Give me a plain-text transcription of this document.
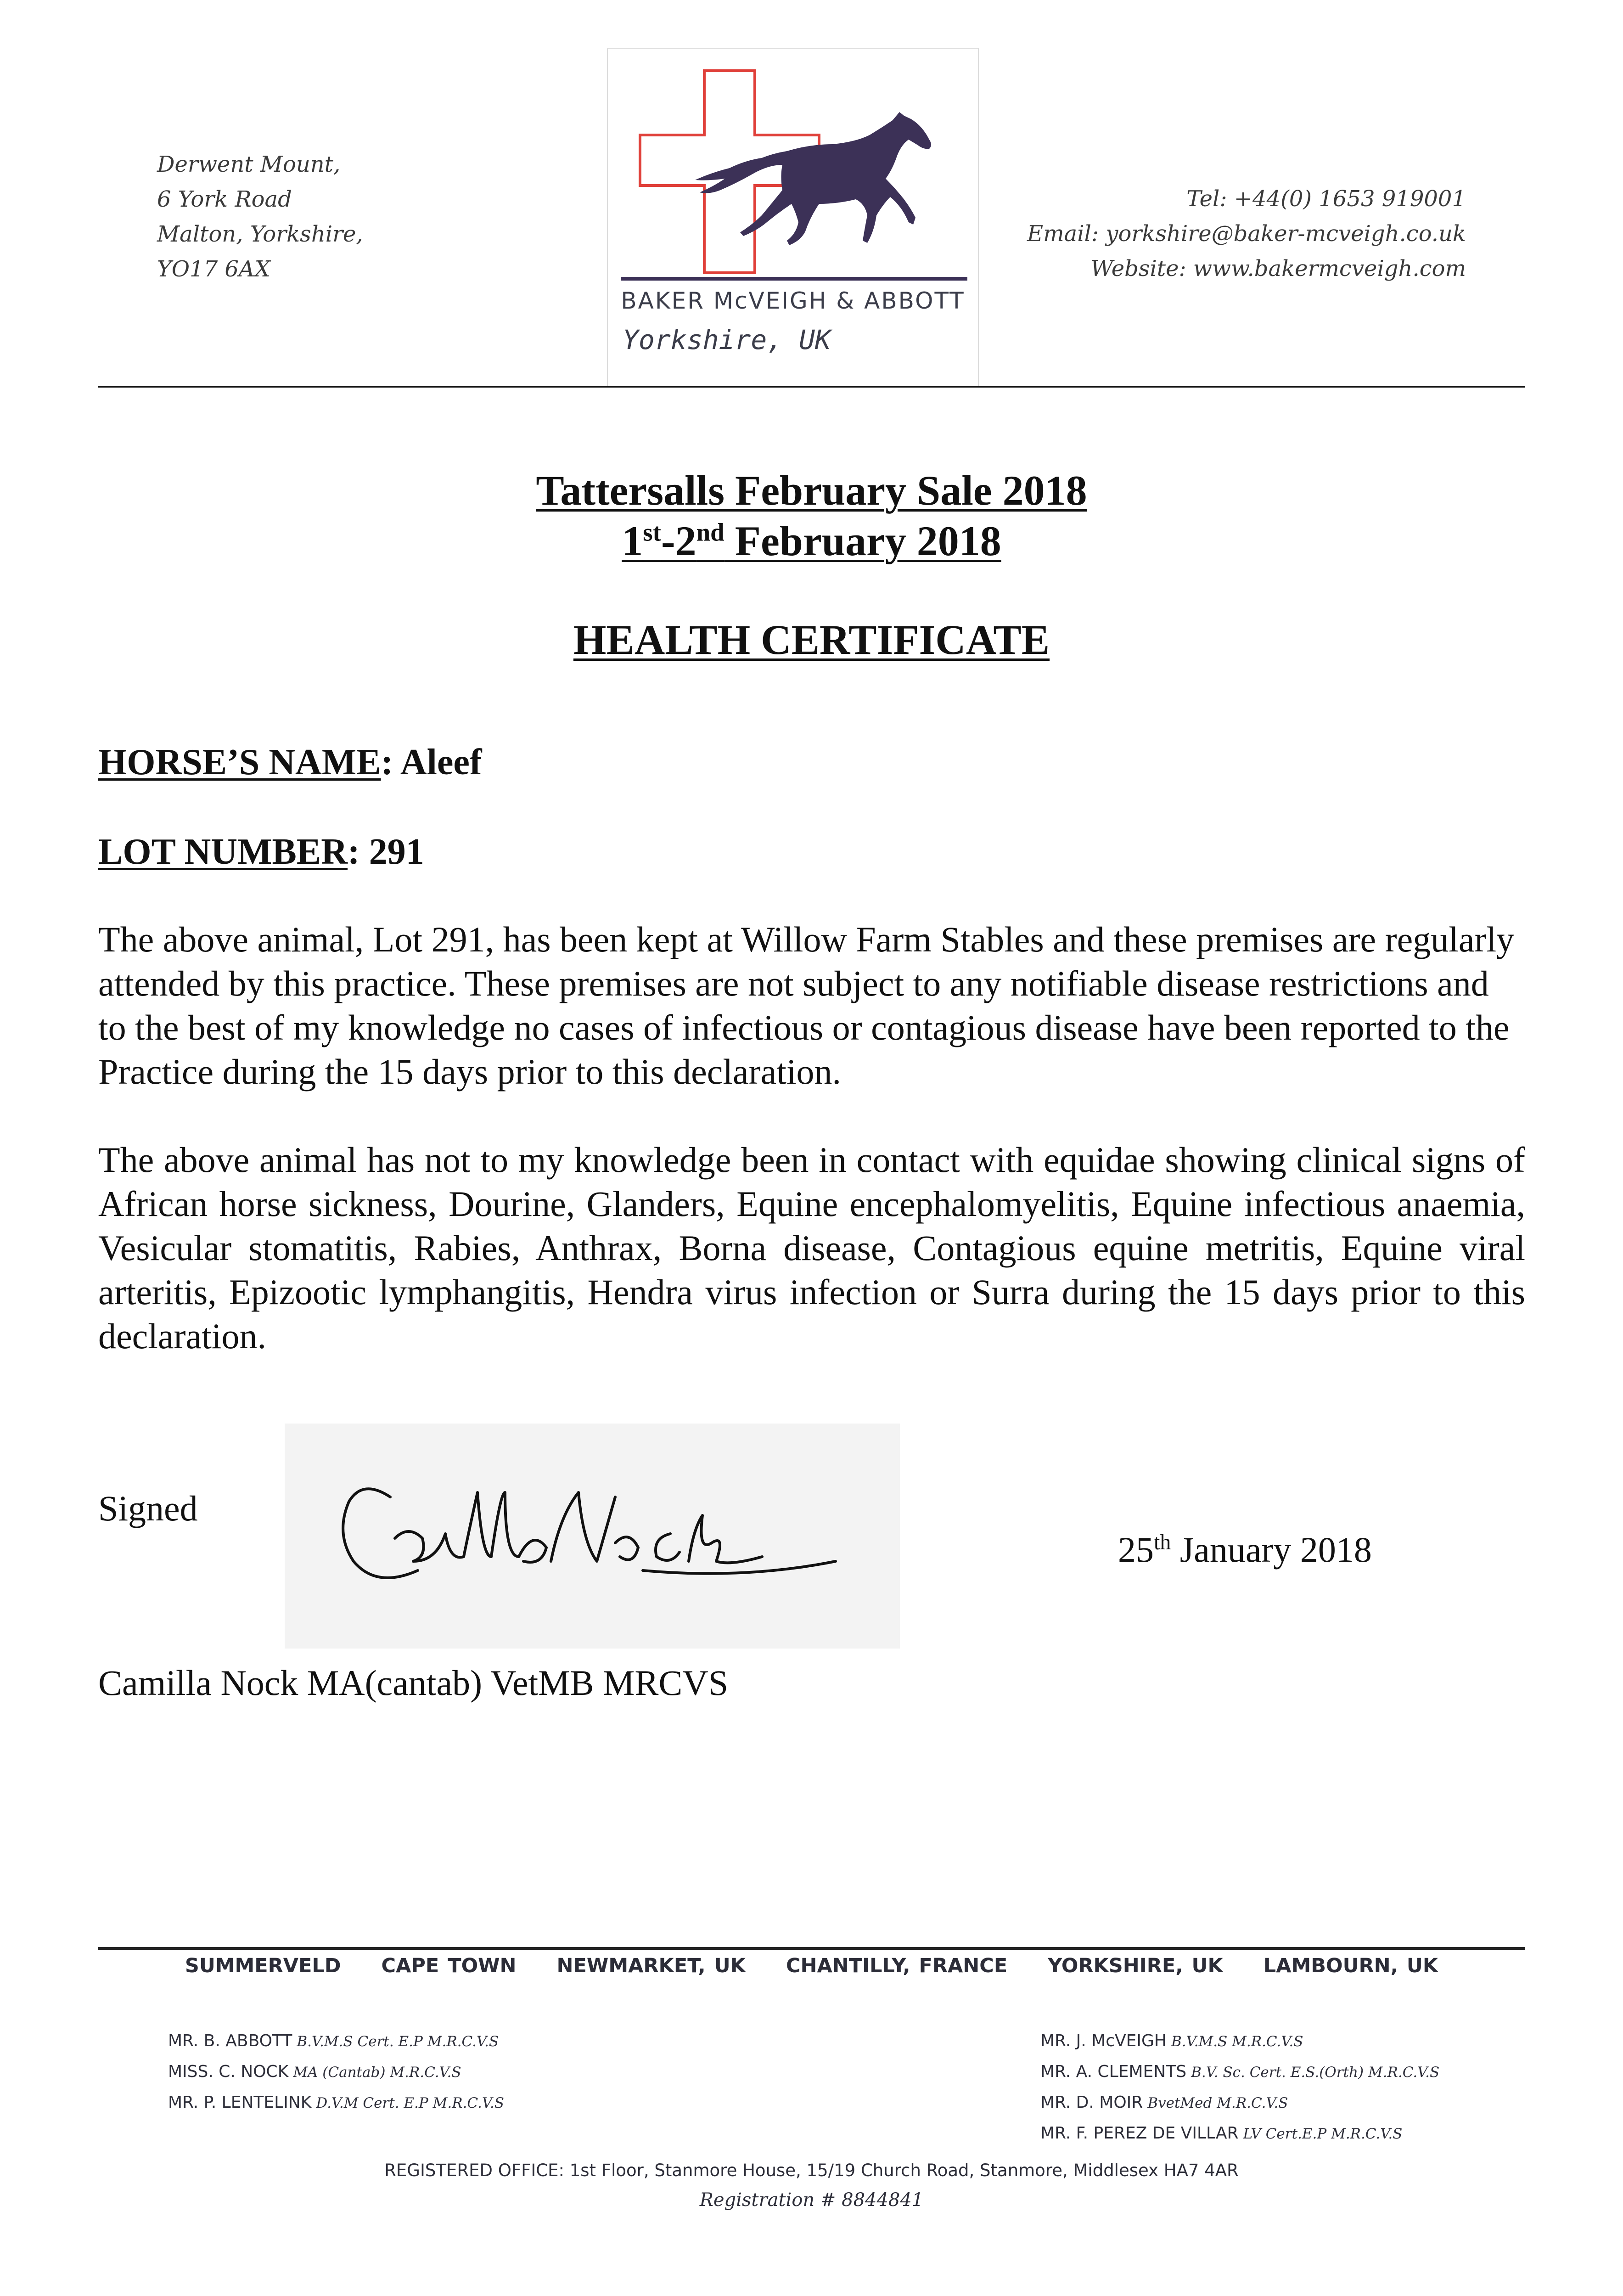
Derwent Mount,
6 York Road
Malton, Yorkshire,
YO17 6AX
BAKER McVEIGH & ABBOTT
Yorkshire, UK
Tel: +44(0) 1653 919001
Email: yorkshire@baker-mcveigh.co.uk
Website: www.bakermcveigh.com
Tattersalls February Sale 2018
1st-2nd February 2018
HEALTH CERTIFICATE
HORSE’S NAME: Aleef
LOT NUMBER: 291
The above animal, Lot 291, has been kept at Willow Farm Stables and these premises are regularly attended by this practice. These premises are not subject to any notifiable disease restrictions and to the best of my knowledge no cases of infectious or contagious disease have been reported to the Practice during the 15 days prior to this declaration.
The above animal has not to my knowledge been in contact with equidae showing clinical signs of African horse sickness, Dourine, Glanders, Equine encephalomyelitis, Equine infectious anaemia, Vesicular stomatitis, Rabies, Anthrax, Borna disease, Contagious equine metritis, Equine viral arteritis, Epizootic lymphangitis, Hendra virus infection or Surra during the 15 days prior to this declaration.
Signed
25th January 2018
Camilla Nock MA(cantab) VetMB MRCVS
SUMMERVELD CAPE TOWN NEWMARKET, UK CHANTILLY, FRANCE YORKSHIRE, UK LAMBOURN, UK
MR. B. ABBOTT B.V.M.S Cert. E.P M.R.C.V.S
MISS. C. NOCK MA (Cantab) M.R.C.V.S
MR. P. LENTELINK D.V.M Cert. E.P M.R.C.V.S
MR. J. McVEIGH B.V.M.S M.R.C.V.S
MR. A. CLEMENTS B.V. Sc. Cert. E.S.(Orth) M.R.C.V.S
MR. D. MOIR BvetMed M.R.C.V.S
MR. F. PEREZ DE VILLAR LV Cert.E.P M.R.C.V.S
REGISTERED OFFICE: 1st Floor, Stanmore House, 15/19 Church Road, Stanmore, Middlesex HA7 4AR
Registration # 8844841
